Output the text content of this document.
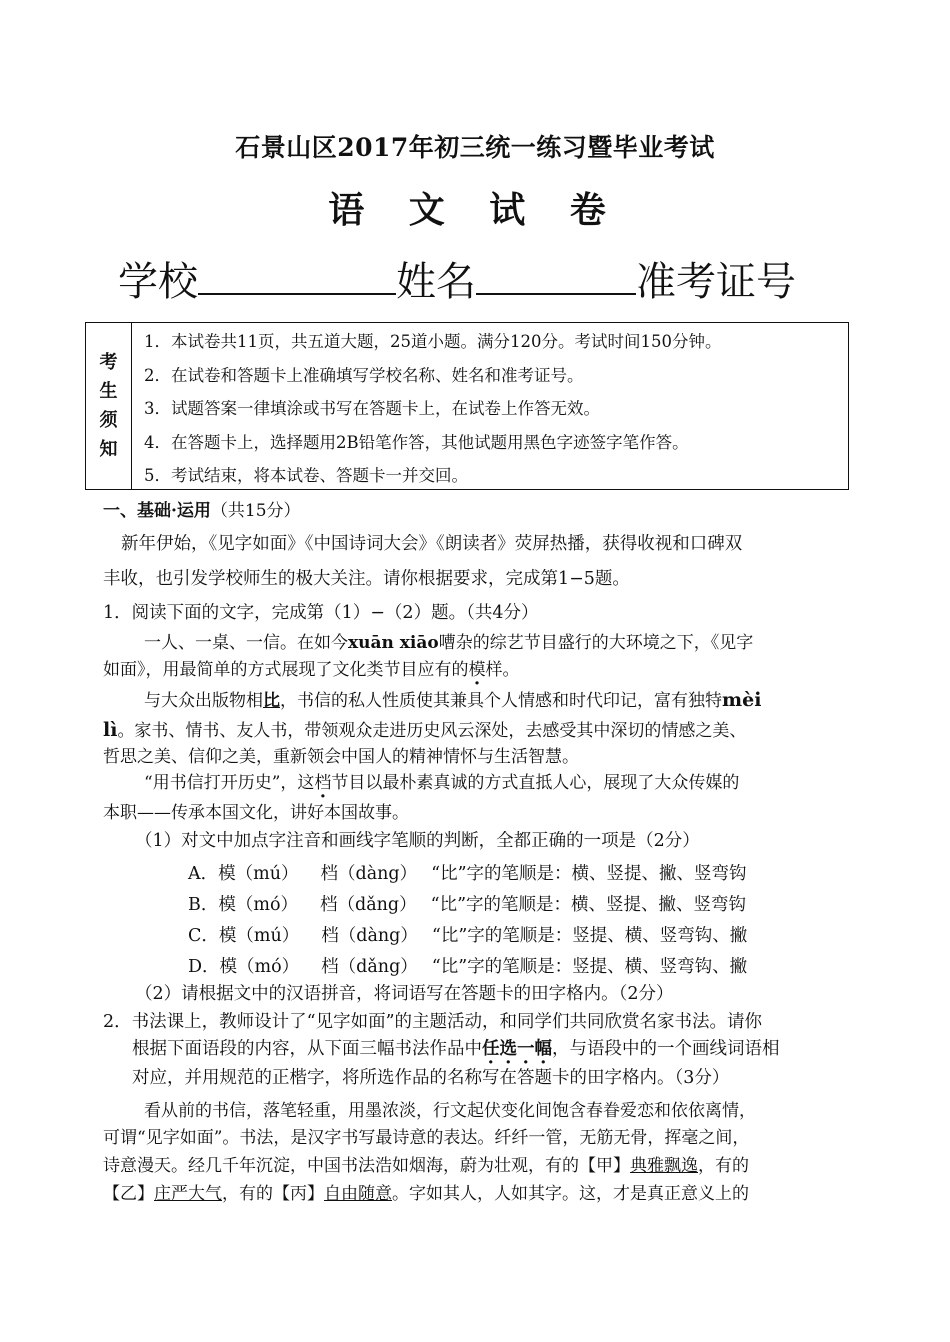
石景山区2017年初三统一练习暨毕业考试
语 文 试 卷
学校	姓名	准考证号
考
生
须
知
1．本试卷共11页，共五道大题，25道小题。满分120分。考试时间150分钟。
2．在试卷和答题卡上准确填写学校名称、姓名和准考证号。
3．试题答案一律填涂或书写在答题卡上，在试卷上作答无效。
4．在答题卡上，选择题用2B铅笔作答，其他试题用黑色字迹签字笔作答。
5．考试结束，将本试卷、答题卡一并交回。
一、基础·运用（共15分）
新年伊始，《见字如面》《中国诗词大会》《朗读者》荧屏热播，获得收视和口碑双
丰收，也引发学校师生的极大关注。请你根据要求，完成第1−5题。
1．阅读下面的文字，完成第（1）−（2）题。（共4分）
一人、一桌、一信。在如今xuān xiāo嘈杂的综艺节目盛行的大环境之下，《见字
如面》，用最简单的方式展现了文化类节目应有的模样。
与大众出版物相比，书信的私人性质使其兼具个人情感和时代印记，富有独特mèi
lì。家书、情书、友人书，带领观众走进历史风云深处，去感受其中深切的情感之美、
哲思之美、信仰之美，重新领会中国人的精神情怀与生活智慧。
“用书信打开历史”，这档节目以最朴素真诚的方式直抵人心，展现了大众传媒的
本职——传承本国文化，讲好本国故事。
（1）对文中加点字注音和画线字笔顺的判断，全都正确的一项是（2分）
A．模（mú） 档（dàng） “比”字的笔顺是：横、竖提、撇、竖弯钩
B．模（mó） 档（dǎng） “比”字的笔顺是：横、竖提、撇、竖弯钩
C．模（mú） 档（dàng） “比”字的笔顺是：竖提、横、竖弯钩、撇
D．模（mó） 档（dǎng） “比”字的笔顺是：竖提、横、竖弯钩、撇
（2）请根据文中的汉语拼音，将词语写在答题卡的田字格内。（2分）
2．书法课上，教师设计了“见字如面”的主题活动，和同学们共同欣赏名家书法。请你
根据下面语段的内容，从下面三幅书法作品中任选一幅，与语段中的一个画线词语相
对应，并用规范的正楷字，将所选作品的名称写在答题卡的田字格内。（3分）
看从前的书信，落笔轻重，用墨浓淡，行文起伏变化间饱含春眷爱恋和依依离情，
可谓“见字如面”。书法，是汉字书写最诗意的表达。纤纤一管，无筋无骨，挥毫之间，
诗意漫天。经几千年沉淀，中国书法浩如烟海，蔚为壮观，有的【甲】典雅飘逸，有的
【乙】庄严大气，有的【丙】自由随意。字如其人，人如其字。这，才是真正意义上的
